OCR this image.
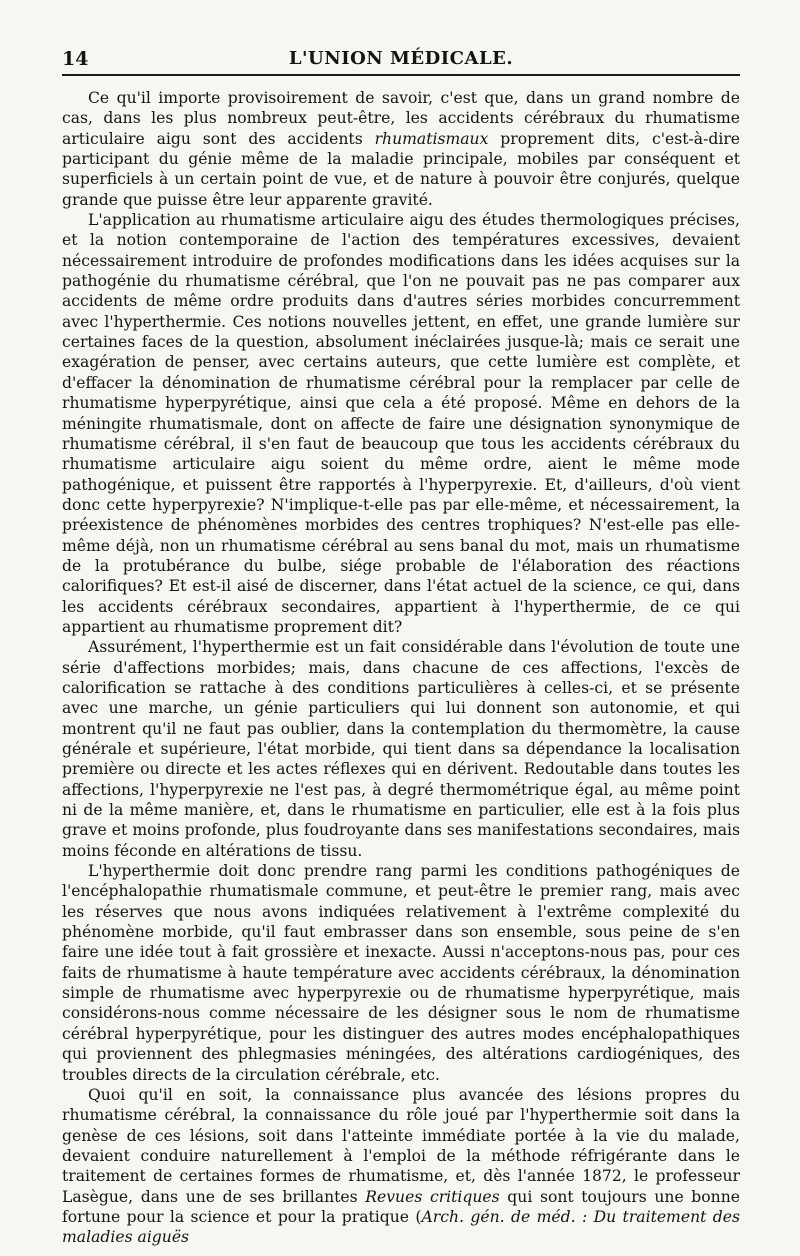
14	L'UNION MÉDICALE.

Ce qu'il importe provisoirement de savoir, c'est que, dans un grand nombre de cas, dans les plus nombreux peut-être, les accidents cérébraux du rhumatisme articulaire aigu sont des accidents rhumatismaux proprement dits, c'est-à-dire participant du génie même de la maladie principale, mobiles par conséquent et superficiels à un certain point de vue, et de nature à pouvoir être conjurés, quelque grande que puisse être leur apparente gravité.

L'application au rhumatisme articulaire aigu des études thermologiques précises, et la notion contemporaine de l'action des températures excessives, devaient nécessairement introduire de profondes modifications dans les idées acquises sur la pathogénie du rhumatisme cérébral, que l'on ne pouvait pas ne pas comparer aux accidents de même ordre produits dans d'autres séries morbides concurremment avec l'hyperthermie. Ces notions nouvelles jettent, en effet, une grande lumière sur certaines faces de la question, absolument inéclairées jusque-là; mais ce serait une exagération de penser, avec certains auteurs, que cette lumière est complète, et d'effacer la dénomination de rhumatisme cérébral pour la remplacer par celle de rhumatisme hyperpyrétique, ainsi que cela a été proposé. Même en dehors de la méningite rhumatismale, dont on affecte de faire une désignation synonymique de rhumatisme cérébral, il s'en faut de beaucoup que tous les accidents cérébraux du rhumatisme articulaire aigu soient du même ordre, aient le même mode pathogénique, et puissent être rapportés à l'hyperpyrexie. Et, d'ailleurs, d'où vient donc cette hyperpyrexie? N'implique-t-elle pas par elle-même, et nécessairement, la préexistence de phénomènes morbides des centres trophiques? N'est-elle pas elle-même déjà, non un rhumatisme cérébral au sens banal du mot, mais un rhumatisme de la protubérance du bulbe, siége probable de l'élaboration des réactions calorifiques? Et est-il aisé de discerner, dans l'état actuel de la science, ce qui, dans les accidents cérébraux secondaires, appartient à l'hyperthermie, de ce qui appartient au rhumatisme proprement dit?

Assurément, l'hyperthermie est un fait considérable dans l'évolution de toute une série d'affections morbides; mais, dans chacune de ces affections, l'excès de calorification se rattache à des conditions particulières à celles-ci, et se présente avec une marche, un génie particuliers qui lui donnent son autonomie, et qui montrent qu'il ne faut pas oublier, dans la contemplation du thermomètre, la cause générale et supérieure, l'état morbide, qui tient dans sa dépendance la localisation première ou directe et les actes réflexes qui en dérivent. Redoutable dans toutes les affections, l'hyperpyrexie ne l'est pas, à degré thermométrique égal, au même point ni de la même manière, et, dans le rhumatisme en particulier, elle est à la fois plus grave et moins profonde, plus foudroyante dans ses manifestations secondaires, mais moins féconde en altérations de tissu.

L'hyperthermie doit donc prendre rang parmi les conditions pathogéniques de l'encéphalopathie rhumatismale commune, et peut-être le premier rang, mais avec les réserves que nous avons indiquées relativement à l'extrême complexité du phénomène morbide, qu'il faut embrasser dans son ensemble, sous peine de s'en faire une idée tout à fait grossière et inexacte. Aussi n'acceptons-nous pas, pour ces faits de rhumatisme à haute température avec accidents cérébraux, la dénomination simple de rhumatisme avec hyperpyrexie ou de rhumatisme hyperpyrétique, mais considérons-nous comme nécessaire de les désigner sous le nom de rhumatisme cérébral hyperpyrétique, pour les distinguer des autres modes encéphalopathiques qui proviennent des phlegmasies méningées, des altérations cardiogéniques, des troubles directs de la circulation cérébrale, etc.

Quoi qu'il en soit, la connaissance plus avancée des lésions propres du rhumatisme cérébral, la connaissance du rôle joué par l'hyperthermie soit dans la genèse de ces lésions, soit dans l'atteinte immédiate portée à la vie du malade, devaient conduire naturellement à l'emploi de la méthode réfrigérante dans le traitement de certaines formes de rhumatisme, et, dès l'année 1872, le professeur Lasègue, dans une de ses brillantes Revues critiques qui sont toujours une bonne fortune pour la science et pour la pratique (Arch. gén. de méd. : Du traitement des maladies aiguës
